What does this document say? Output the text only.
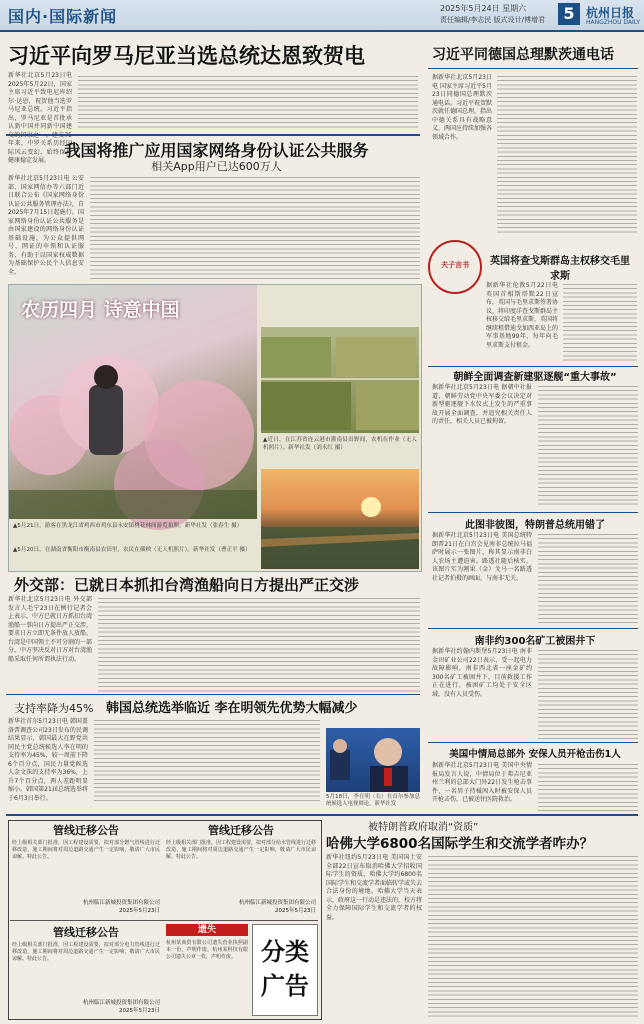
国内·国际新闻	2025年5月24日 星期六
责任编辑/李志民 版式设计/傅增君	5 杭州日报
HANGZHOU DAILY
习近平向罗马尼亚当选总统达恩致贺电
新华社北京5月23日电 2025年5月22日，国家主席习近平致电尼库绍尔·达恩，祝贺他当选罗马尼亚总统。习近平指出，罗马尼亚是首批承认新中国并同新中国建 年来，中罗关系历经国际风云变幻，始终保持健康稳定发展。
习近平同德国总理默茨通电话
据新华社北京5月23日电 国家主席习近平5月23日同德国总理默茨通电话。习近平祝贺默茨就任德国总理，指出中德关系具有战略意义，两国应持续加强各领域合作。
我国将推广应用国家网络身份认证公共服务
相关App用户已达600万人
新华社北京5月23日电 公安部、国家网信办等六部门近日联合公布《国家网络身份认证公共服务管理办法》，自2025年7月15日起施行。国家网络身份认证公共服务是由国家建设的网络身份认证基础设施，为公众提供网号、网证的申领和认证服务，有助于以国家权威数据为基础保护公民个人信息安全。
农历四月 诗意中国
▲近日，在江苏省连云港市灌南县田野间，农机在作业（无人机照片）。新华社发（刘永红 摄）
▲5月21日，游客在黑龙江省鸡西市鸡东县永安镇桃花林间游览拍照。新华社发（张春生 摄）
▲5月20日，在湖南省衡阳市衡南县农田里，农民在插秧（无人机照片）。新华社发（曹正平 摄）
外交部：已就日本抓扣台湾渔船向日方提出严正交涉
新华社北京5月23日电 外交部发言人毛宁23日在例行记者会上表示，中方已就日方抓扣台湾渔船一事向日方提出严正交涉，要求日方立即无条件放人放船。台湾是中国领土不可分割的一部分，中方坚决反对日方对台湾渔船采取任何所谓执法行动。
支持率降为45% 韩国总统选举临近 李在明领先优势大幅减少
新华社首尔5月23日电 韩国盖洛普调查公司23日发布的民调结果显示，韩国最大在野党共同民主党总统候选人李在明的支持率为45%，较一周前下降6个百分点，国民力量党候选人金文洙的支持率为36%，上升7个百分点，两人差距明显缩小。韩国第21届总统选举将于6月3日举行。	5月18日，李在明（右）在首尔参加总统候选人电视辩论。新华社发
夫子言书	英国将查戈斯群岛主权移交毛里求斯
据新华社伦敦5月22日电 英国首相斯塔默22日宣布，英国与毛里求斯签署协议，将印度洋查戈斯群岛主权移交给毛里求斯，英国将继续租借迪戈加西亚岛上的军事基地99年，每年向毛里求斯支付租金。
朝鲜全面调查新建驱逐舰“重大事故”
据新华社北京5月23日电 据朝中社报道，朝鲜劳动党中央军委会议决定对新型驱逐舰下水仪式上发生的严重事故开展全面调查，并追究相关责任人的责任，相关人员已被拘留。
此图非彼图，特朗普总统用错了
据新华社北京5月23日电 美国总统特朗普21日在白宫会见南非总统拉马福萨时展示一张图片，称其显示南非白人农场主遭迫害。路透社随后核实，该图片实为刚果（金）戈马一名路透社记者拍摄的画面，与南非无关。
南非约300名矿工被困井下
据新华社约翰内斯堡5月23日电 南非金田矿业公司22日表示，受一起电力故障影响，南非西北省一座金矿约300名矿工被困井下，目前救援工作正在进行，被困矿工均处于安全区域，没有人员受伤。
美国中情局总部外 安保人员开枪击伤1人
据新华社北京5月23日电 美国中央情报局发言人说，中情局位于弗吉尼亚州兰利的总部大门外22日发生枪击事件，一名男子持械闯入时被安保人员开枪击伤，已被送往医院救治。
管线迁移公告
经上级相关部门批准，因工程建设需要，拟对部分燃气管线进行迁移改造，施工期间将对周边道路交通产生一定影响，敬请广大市民谅解。特此公告。
杭州临江新城投资集团有限公司
2025年5月23日
管线迁移公告
经上级相关部门批准，因工程建设需要，拟对部分给水管线进行迁移改造，施工期间将对周边道路交通产生一定影响，敬请广大市民谅解。特此公告。
杭州临江新城投资集团有限公司
2025年5月23日
管线迁移公告
经上级相关部门批准，因工程建设需要，拟对部分电力管线进行迁移改造，施工期间将对周边道路交通产生一定影响，敬请广大市民谅解。特此公告。
杭州临江新城投资集团有限公司
2025年5月23日
遗失
杭州某商贸有限公司遗失营业执照副本一份，声明作废。杭州某科技有限公司遗失公章一枚，声明作废。	分类广告
被特朗普政府取消“资质”
哈佛大学6800名国际学生和交流学者咋办？
新华社纽约5月23日电 美国国土安全部22日宣布取消哈佛大学招收国际学生的资质，哈佛大学约6800名国际学生和交流学者面临转学或失去合法身份的境地。哈佛大学当天表示，政府这一行动是违法的，校方将全力保障国际学生和交流学者的权益。
